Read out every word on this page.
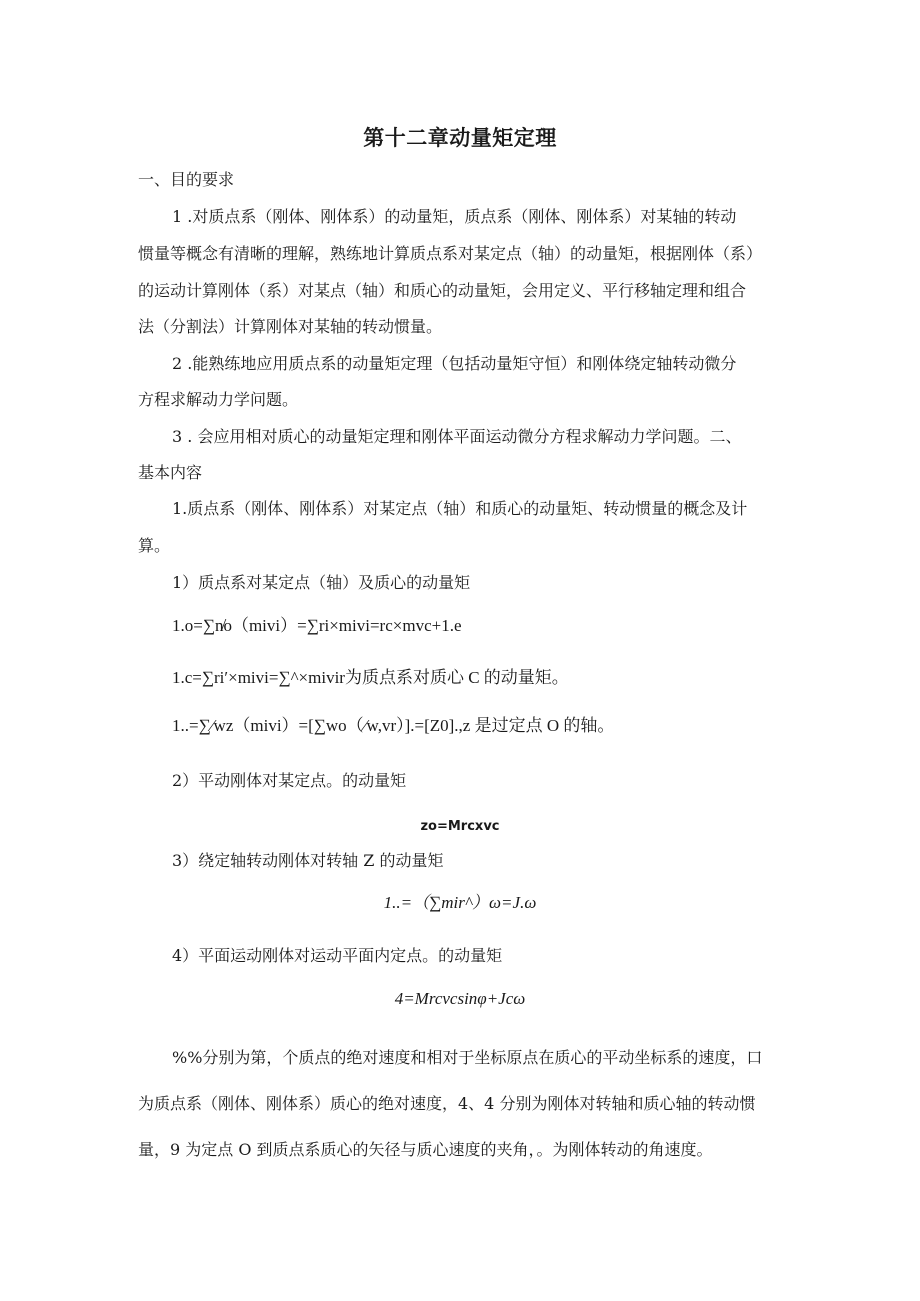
第十二章动量矩定理
一、目的要求
1 .对质点系（刚体、刚体系）的动量矩，质点系（刚体、刚体系）对某轴的转动
惯量等概念有清晰的理解，熟练地计算质点系对某定点（轴）的动量矩，根据刚体（系）
的运动计算刚体（系）对某点（轴）和质心的动量矩，会用定义、平行移轴定理和组合
法（分割法）计算刚体对某轴的转动惯量。
2 .能熟练地应用质点系的动量矩定理（包括动量矩守恒）和刚体绕定轴转动微分
方程求解动力学问题。
3 . 会应用相对质心的动量矩定理和刚体平面运动微分方程求解动力学问题。二、
基本内容
1.质点系（刚体、刚体系）对某定点（轴）和质心的动量矩、转动惯量的概念及计
算。
1）质点系对某定点（轴）及质心的动量矩
1.o=∑n̸o（mivi）=∑ri×mivi=rc×mvc+1.e
1.c=∑ri′×mivi=∑^×mivir为质点系对质心 C 的动量矩。
1..=∑⁄wz（mivi）=[∑wo（⁄w,vr）].=[Z0].,z 是过定点 O 的轴。
2）平动刚体对某定点。的动量矩
zo=Mrcxvc
3）绕定轴转动刚体对转轴 Z 的动量矩
1..=（∑mir^）ω=J.ω
4）平面运动刚体对运动平面内定点。的动量矩
4=Mrcvcsinφ+Jcω
%%分别为第，个质点的绝对速度和相对于坐标原点在质心的平动坐标系的速度，口
为质点系（刚体、刚体系）质心的绝对速度，4、4 分别为刚体对转轴和质心轴的转动惯
量，9 为定点 O 到质点系质心的矢径与质心速度的夹角，。为刚体转动的角速度。
